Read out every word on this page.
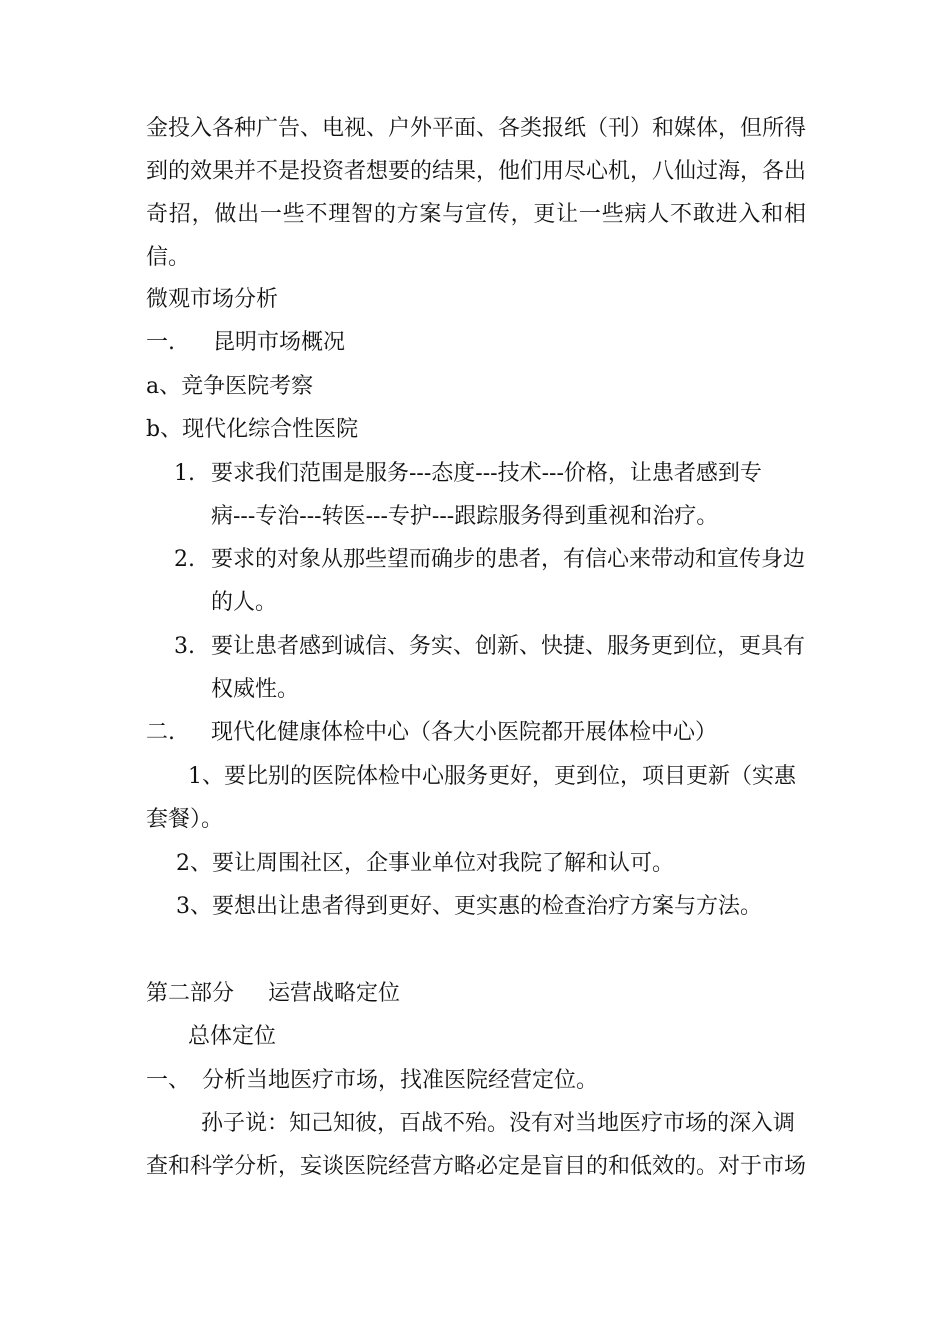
金投入各种广告、电视、户外平面、各类报纸（刊）和媒体，但所得
到的效果并不是投资者想要的结果，他们用尽心机，八仙过海，各出
奇招，做出一些不理智的方案与宣传，更让一些病人不敢进入和相信。
微观市场分析
一. 昆明市场概况
a、竞争医院考察
b、现代化综合性医院
1. 要求我们范围是服务---态度---技术---价格，让患者感到专
病---专治---转医---专护---跟踪服务得到重视和治疗。
2. 要求的对象从那些望而确步的患者，有信心来带动和宣传身边
的人。
3. 要让患者感到诚信、务实、创新、快捷、服务更到位，更具有
权威性。
二. 现代化健康体检中心（各大小医院都开展体检中心）
1、要比别的医院体检中心服务更好，更到位，项目更新（实惠
套餐）。
2、要让周围社区，企事业单位对我院了解和认可。
3、要想出让患者得到更好、更实惠的检查治疗方案与方法。
第二部分 运营战略定位
总体定位
一、 分析当地医疗市场，找准医院经营定位。
孙子说：知己知彼，百战不殆。没有对当地医疗市场的深入调
查和科学分析，妄谈医院经营方略必定是盲目的和低效的。对于市场
